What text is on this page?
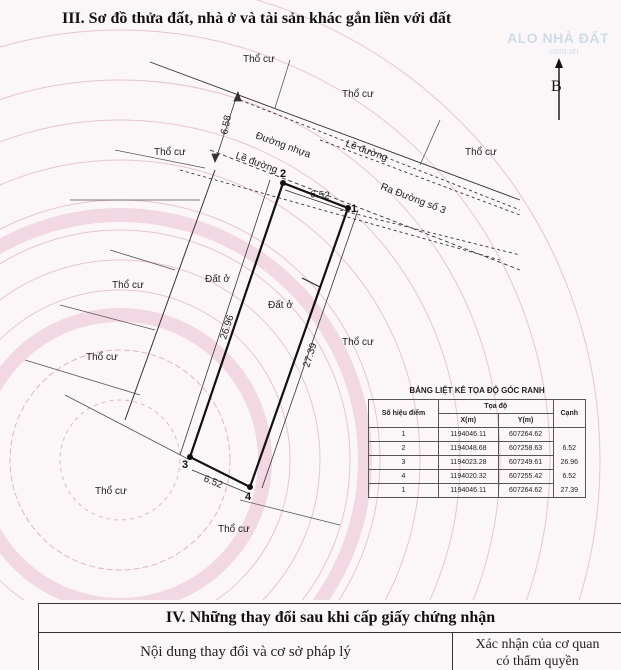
1
2
3
4
6.58
6.52
26.96
27.39
6.52
Thổ cư
Thổ cư
Thổ cư
Thổ cư
Thổ cư
Thổ cư
Thổ cư
Thổ cư
Thổ cư
Đường nhựa	Lề đường
Lề đường
Ra Đường số 3
Đất ở
Đất ở
III. Sơ đồ thửa đất, nhà ở và tài sản khác gắn liền với đất
ALO NHÀ ĐẤT
.com.vn
B
BẢNG LIỆT KÊ TỌA ĐỘ GÓC RANH
Số hiệu điểm	Tọa độ		Cạnh
	X(m)	Y(m)	
1	1194046.11	607264.62	
2	1194048.68	607258.63	6.52
3	1194023.28	607249.61	26.96
4	1194020.32	607255.42	6.52
1	1194046.11	607264.62	27.39
IV. Những thay đổi sau khi cấp giấy chứng nhận
Nội dung thay đổi và cơ sở pháp lý	Xác nhận của cơ quan
có thẩm quyền
